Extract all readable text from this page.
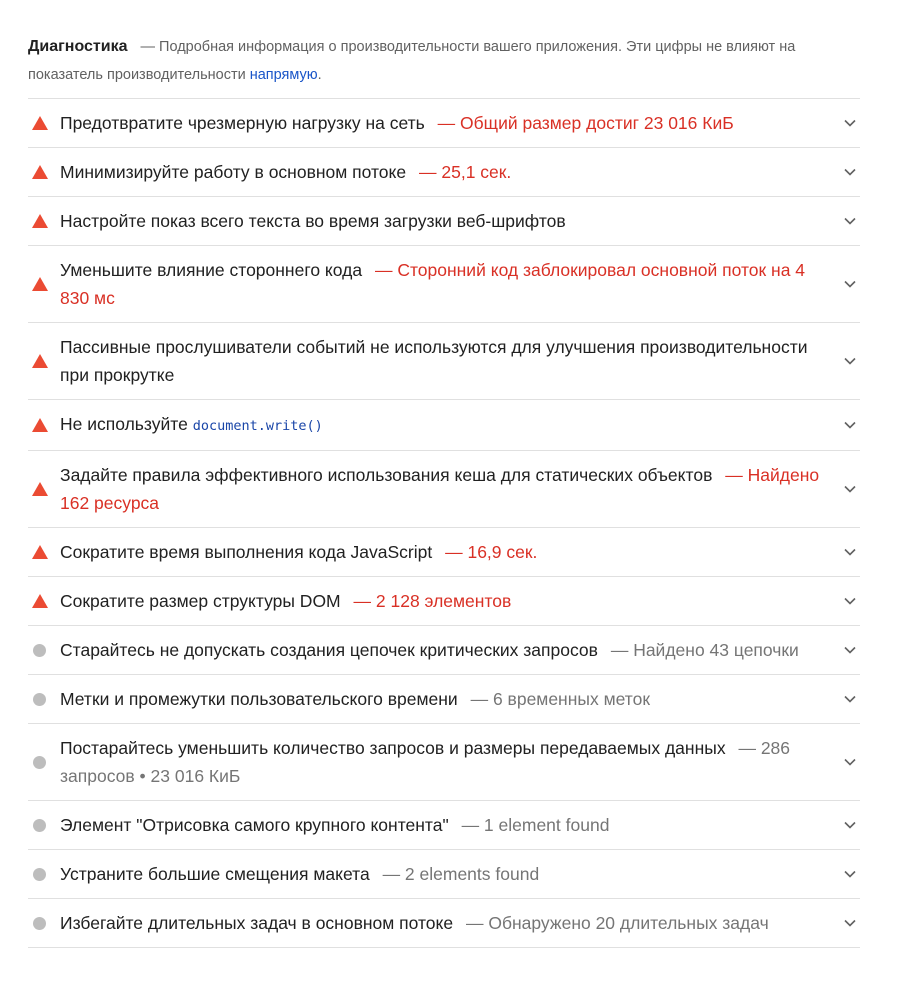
Диагностика — Подробная информация о производительности вашего приложения. Эти цифры не влияют на показатель производительности напрямую.
Предотвратите чрезмерную нагрузку на сеть — Общий размер достиг 23 016 КиБ
Минимизируйте работу в основном потоке — 25,1 сек.
Настройте показ всего текста во время загрузки веб-шрифтов
Уменьшите влияние стороннего кода — Сторонний код заблокировал основной поток на 4 830 мс
Пассивные прослушиватели событий не используются для улучшения производительности при прокрутке
Не используйте document.write()
Задайте правила эффективного использования кеша для статических объектов — Найдено 162 ресурса
Сократите время выполнения кода JavaScript — 16,9 сек.
Сократите размер структуры DOM — 2 128 элементов
Старайтесь не допускать создания цепочек критических запросов — Найдено 43 цепочки
Метки и промежутки пользовательского времени — 6 временных меток
Постарайтесь уменьшить количество запросов и размеры передаваемых данных — 286 запросов • 23 016 КиБ
Элемент "Отрисовка самого крупного контента" — 1 element found
Устраните большие смещения макета — 2 elements found
Избегайте длительных задач в основном потоке — Обнаружено 20 длительных задач
